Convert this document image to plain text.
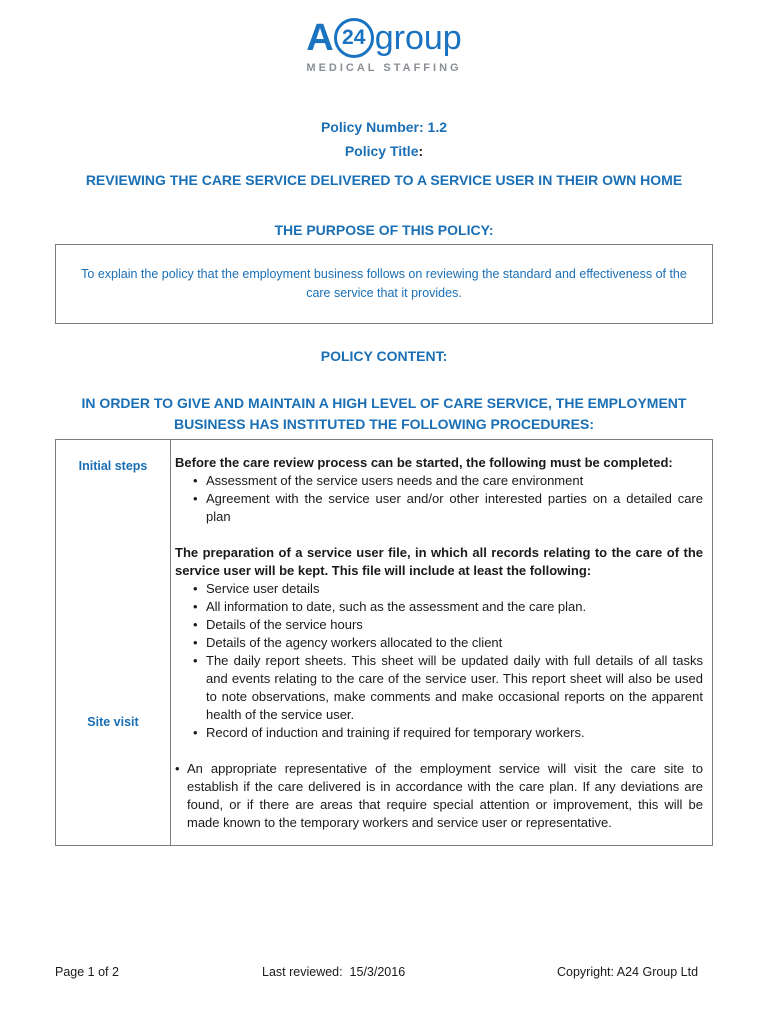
A 24 group
MEDICAL STAFFING
Policy Number: 1.2
Policy Title:
REVIEWING THE CARE SERVICE DELIVERED TO A SERVICE USER IN THEIR OWN HOME
THE PURPOSE OF THIS POLICY:
To explain the policy that the employment business follows on reviewing the standard and effectiveness of the care service that it provides.
POLICY CONTENT:
IN ORDER TO GIVE AND MAINTAIN A HIGH LEVEL OF CARE SERVICE, THE EMPLOYMENT BUSINESS HAS INSTITUTED THE FOLLOWING PROCEDURES:
Initial steps
Site visit
Before the care review process can be started, the following must be completed:
• Assessment of the service users needs and the care environment
• Agreement with the service user and/or other interested parties on a detailed care plan
The preparation of a service user file, in which all records relating to the care of the service user will be kept. This file will include at least the following:
• Service user details
• All information to date, such as the assessment and the care plan.
• Details of the service hours
• Details of the agency workers allocated to the client
• The daily report sheets. This sheet will be updated daily with full details of all tasks and events relating to the care of the service user. This report sheet will also be used to note observations, make comments and make occasional reports on the apparent health of the service user.
• Record of induction and training if required for temporary workers.
• An appropriate representative of the employment service will visit the care site to establish if the care delivered is in accordance with the care plan. If any deviations are found, or if there are areas that require special attention or improvement, this will be made known to the temporary workers and service user or representative.
Page 1 of 2	Last reviewed:  15/3/2016	Copyright: A24 Group Ltd
